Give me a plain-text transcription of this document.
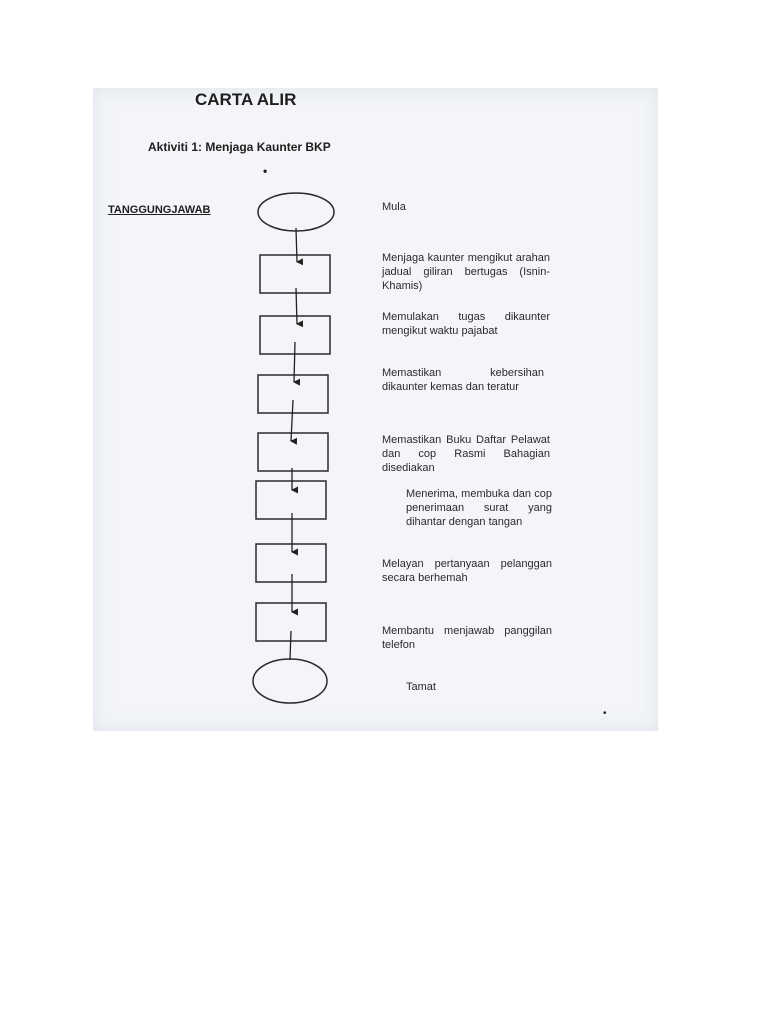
CARTA ALIR
Aktiviti 1: Menjaga Kaunter BKP
•
•
TANGGUNGJAWAB	Mula
Menjaga kaunter mengikut arahan jadual giliran bertugas (Isnin- Khamis)
Memulakan tugas dikaunter mengikut waktu pajabat
Memastikan kebersihan dikaunter kemas dan teratur
Memastikan Buku Daftar Pelawat dan cop Rasmi Bahagian disediakan
Menerima, membuka dan cop penerimaan surat yang dihantar dengan tangan
Melayan pertanyaan pelanggan secara berhemah
Membantu menjawab panggilan telefon
Tamat
